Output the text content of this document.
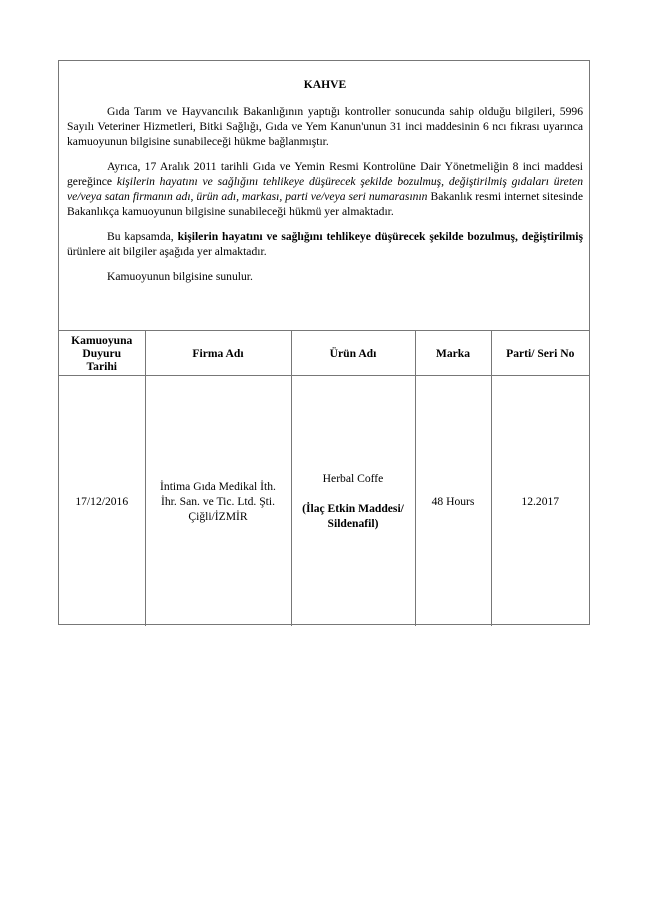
KAHVE

Gıda Tarım ve Hayvancılık Bakanlığının yaptığı kontroller sonucunda sahip olduğu bilgileri, 5996 Sayılı Veteriner Hizmetleri, Bitki Sağlığı, Gıda ve Yem Kanun'unun 31 inci maddesinin 6 ncı fıkrası uyarınca kamuoyunun bilgisine sunabileceği hükme bağlanmıştır.

Ayrıca, 17 Aralık 2011 tarihli Gıda ve Yemin Resmi Kontrolüne Dair Yönetmeliğin 8 inci maddesi gereğince kişilerin hayatını ve sağlığını tehlikeye düşürecek şekilde bozulmuş, değiştirilmiş gıdaları üreten ve/veya satan firmanın adı, ürün adı, markası, parti ve/veya seri numarasının Bakanlık resmi internet sitesinde Bakanlıkça kamuoyunun bilgisine sunabileceği hükmü yer almaktadır.

Bu kapsamda, kişilerin hayatını ve sağlığını tehlikeye düşürecek şekilde bozulmuş, değiştirilmiş ürünlere ait bilgiler aşağıda yer almaktadır.

Kamuoyunun bilgisine sunulur.

Kamuoyuna
Duyuru
Tarihi	Firma Adı	Ürün Adı	Marka	Parti/ Seri No
17/12/2016	İntima Gıda Medikal İth.
İhr. San. ve Tic. Ltd. Şti.
Çiğli/İZMİR	Herbal Coffe
(İlaç Etkin Maddesi/
Sildenafil)	48 Hours	12.2017
